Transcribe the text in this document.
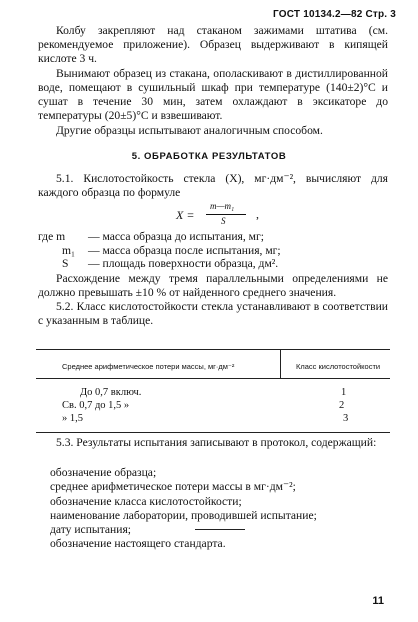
ГОСТ 10134.2—82 Стр. 3

Колбу закрепляют над стаканом зажимами штатива (см. рекомендуемое приложение). Образец выдерживают в кипящей кислоте 3 ч.

Вынимают образец из стакана, ополаскивают в дистиллированной воде, помещают в сушильный шкаф при температуре (140±2)°С и сушат в течение 30 мин, затем охлаждают в эксикаторе до температуры (20±5)°С и взвешивают.

Другие образцы испытывают аналогичным способом.

5. ОБРАБОТКА РЕЗУЛЬТАТОВ

5.1. Кислотостойкость стекла (X), мг·дм⁻², вычисляют для каждого образца по формуле

X =
m—m₁
S	,
где m	— масса образца до испытания, мг;
m₁	— масса образца после испытания, мг;
S	— площадь поверхности образца, дм².

Расхождение между тремя параллельными определениями не должно превышать ±10 % от найденного среднего значения.

5.2. Класс кислотостойкости стекла устанавливают в соответствии с указанным в таблице.

Среднее арифметическое потери массы, мг·дм⁻²	Класс кислотостойкости
До 0,7 включ.	1
Св. 0,7 до 1,5 »	2
» 1,5	3

5.3. Результаты испытания записывают в протокол, содержащий:

обозначение образца;
среднее арифметическое потери массы в мг·дм⁻²;
обозначение класса кислотостойкости;
наименование лаборатории, проводившей испытание;
дату испытания;
обозначение настоящего стандарта.
11
